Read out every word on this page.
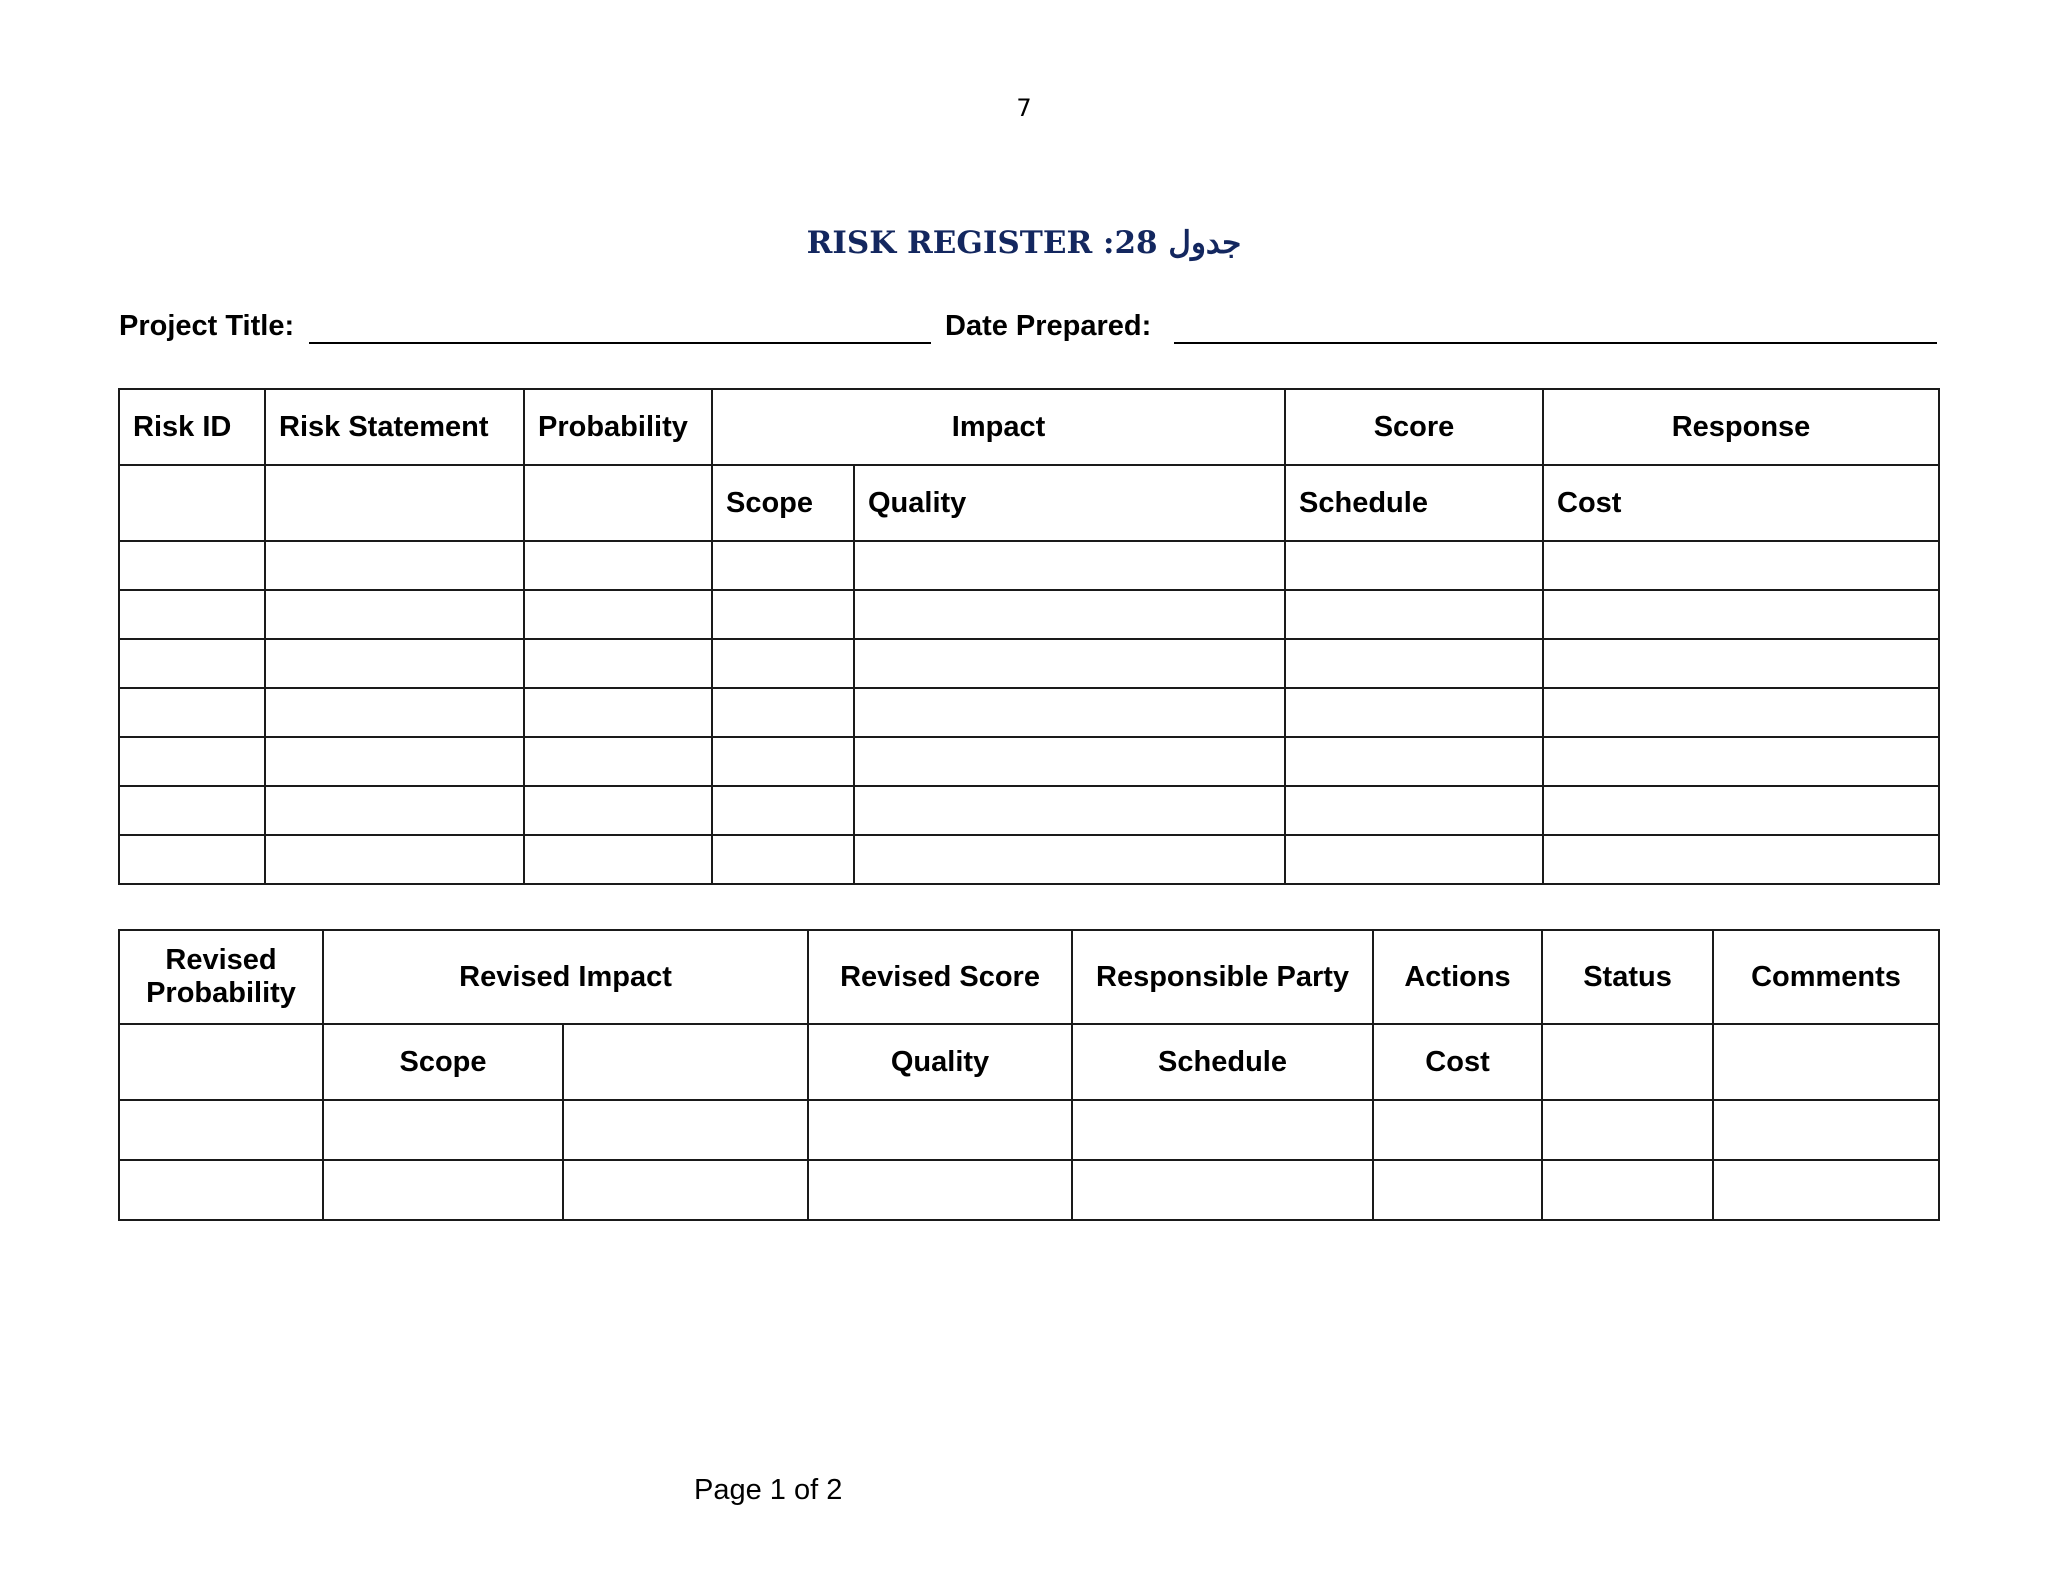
7
جدول 28: RISK REGISTER
Project Title:	Date Prepared:
Risk ID	Risk Statement	Probability	Impact		Score	Response
			Scope	Quality	Schedule	Cost

Revised Probability	Revised Impact		Revised Score	Responsible Party	Actions	Status	Comments
	Scope		Quality	Schedule	Cost		

Page 1 of 2
